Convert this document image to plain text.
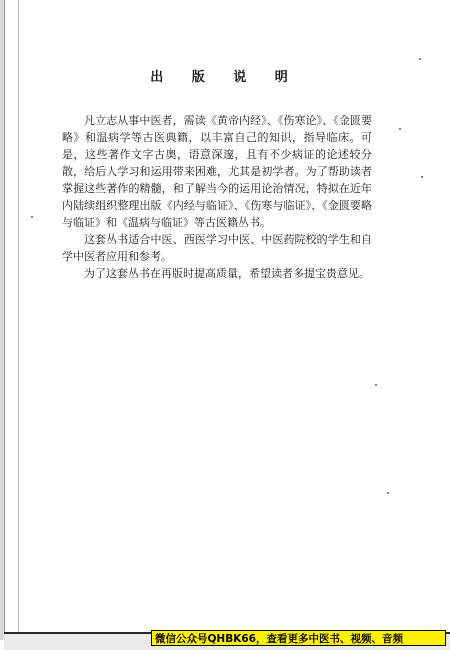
出 版 说 明

凡立志从事中医者，需读《黄帝内经》、《伤寒论》、《金匮要略》和温病学等古医典籍，以丰富自己的知识，指导临床。可是，这些著作文字古奥，语意深邃，且有不少病证的论述较分散，给后人学习和运用带来困难，尤其是初学者。为了帮助读者掌握这些著作的精髓，和了解当今的运用论治情况，特拟在近年内陆续组织整理出版《内经与临证》、《伤寒与临证》、《金匮要略与临证》和《温病与临证》等古医籍丛书。

这套丛书适合中医、西医学习中医、中医药院校的学生和自学中医者应用和参考。

为了这套丛书在再版时提高质量，希望读者多提宝贵意见。

微信公众号QHBK66，查看更多中医书、视频、音频
